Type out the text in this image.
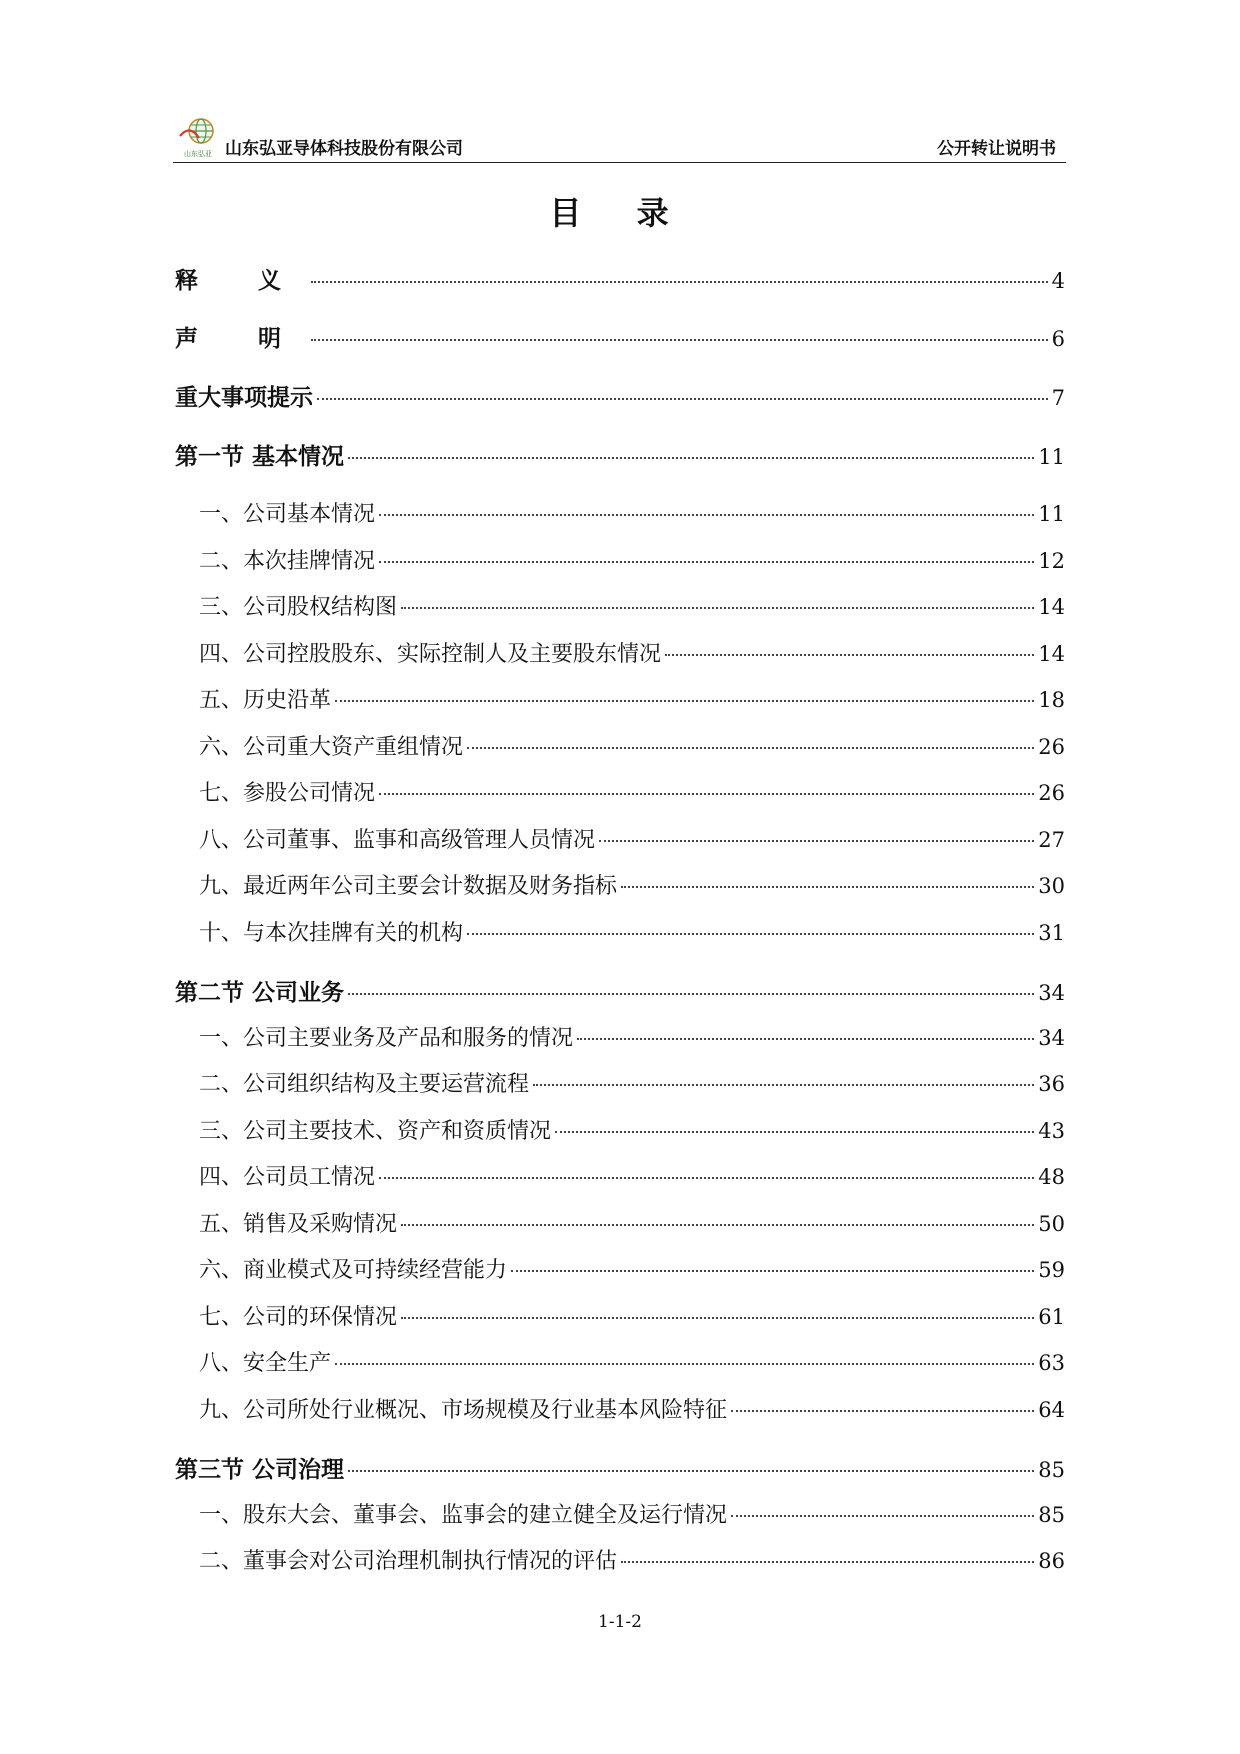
山东弘亚 山东弘亚导体科技股份有限公司	公开转让说明书
目 录
释 义	4
声 明	6
重大事项提示	7
第一节 基本情况	11
一、公司基本情况	11
二、本次挂牌情况	12
三、公司股权结构图	14
四、公司控股股东、实际控制人及主要股东情况	14
五、历史沿革	18
六、公司重大资产重组情况	26
七、参股公司情况	26
八、公司董事、监事和高级管理人员情况	27
九、最近两年公司主要会计数据及财务指标	30
十、与本次挂牌有关的机构	31
第二节 公司业务	34
一、公司主要业务及产品和服务的情况	34
二、公司组织结构及主要运营流程	36
三、公司主要技术、资产和资质情况	43
四、公司员工情况	48
五、销售及采购情况	50
六、商业模式及可持续经营能力	59
七、公司的环保情况	61
八、安全生产	63
九、公司所处行业概况、市场规模及行业基本风险特征	64
第三节 公司治理	85
一、股东大会、董事会、监事会的建立健全及运行情况	85
二、董事会对公司治理机制执行情况的评估	86
1-1-2
